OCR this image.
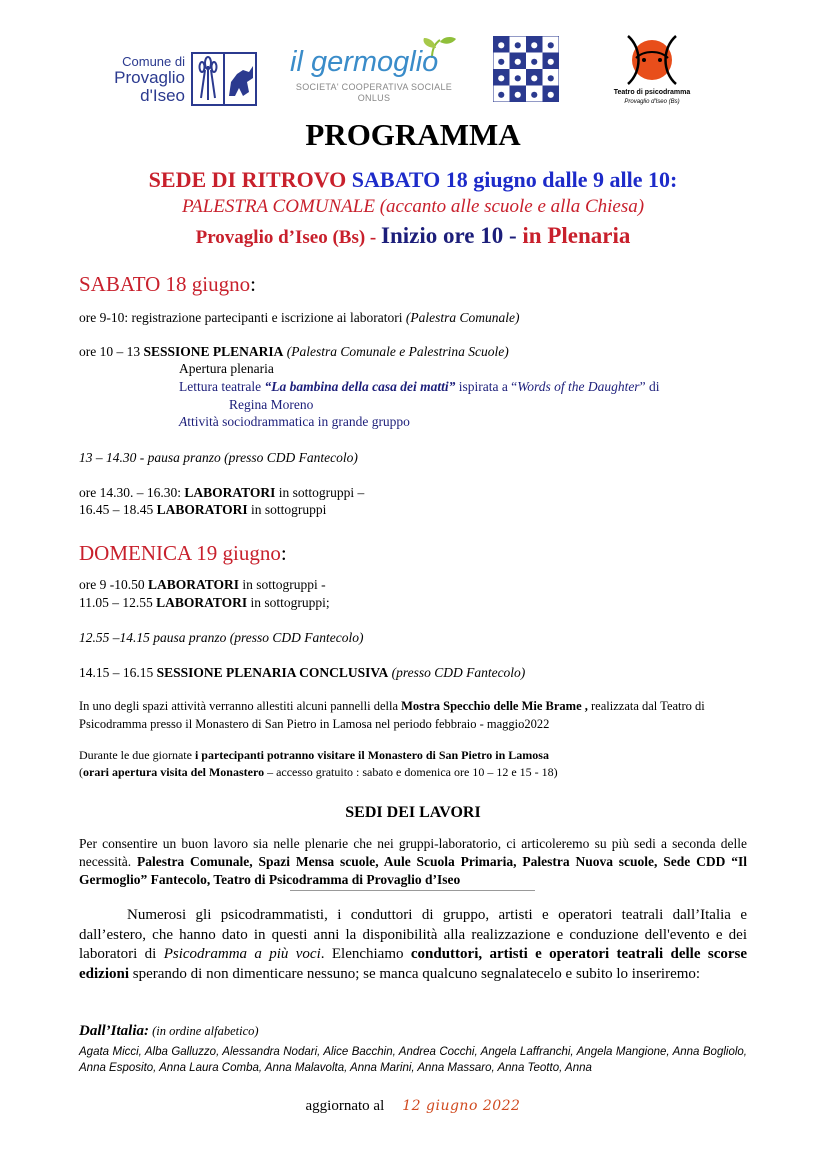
Comune di
Provaglio
d'Iseo
il germoglio
SOCIETA' COOPERATIVA SOCIALE
ONLUS
Teatro di psicodramma
Provaglio d'Iseo (Bs)
PROGRAMMA
SEDE DI RITROVO SABATO 18 giugno dalle 9 alle 10:
PALESTRA COMUNALE (accanto alle scuole e alla Chiesa)
Provaglio d’Iseo (Bs) - Inizio ore 10 - in Plenaria
SABATO 18 giugno:
ore 9-10: registrazione partecipanti e iscrizione ai laboratori (Palestra Comunale)
ore 10 – 13 SESSIONE PLENARIA (Palestra Comunale e Palestrina Scuole)
Apertura plenaria
Lettura teatrale “La bambina della casa dei matti” ispirata a “Words of the Daughter” di
Regina Moreno
Attività sociodrammatica in grande gruppo
13 – 14.30 - pausa pranzo (presso CDD Fantecolo)
ore 14.30. – 16.30: LABORATORI in sottogruppi –
16.45 – 18.45 LABORATORI in sottogruppi
DOMENICA 19 giugno:
ore 9 -10.50 LABORATORI in sottogruppi -
11.05 – 12.55 LABORATORI in sottogruppi;
12.55 –14.15 pausa pranzo (presso CDD Fantecolo)
14.15 – 16.15 SESSIONE PLENARIA CONCLUSIVA (presso CDD Fantecolo)
In uno degli spazi attività verranno allestiti alcuni pannelli della Mostra Specchio delle Mie Brame , realizzata dal Teatro di Psicodramma presso il Monastero di San Pietro in Lamosa nel periodo febbraio - maggio2022
Durante le due giornate i partecipanti potranno visitare il Monastero di San Pietro in Lamosa
(orari apertura visita del Monastero – accesso gratuito : sabato e domenica ore 10 – 12 e 15 - 18)
SEDI DEI LAVORI
Per consentire un buon lavoro sia nelle plenarie che nei gruppi-laboratorio, ci articoleremo su più sedi a seconda delle necessità. Palestra Comunale, Spazi Mensa scuole, Aule Scuola Primaria, Palestra Nuova scuole, Sede CDD “Il Germoglio” Fantecolo, Teatro di Psicodramma di Provaglio d’Iseo
Numerosi gli psicodrammatisti, i conduttori di gruppo, artisti e operatori teatrali dall’Italia e dall’estero, che hanno dato in questi anni la disponibilità alla realizzazione e conduzione dell'evento e dei laboratori di Psicodramma a più voci. Elenchiamo conduttori, artisti e operatori teatrali delle scorse edizioni sperando di non dimenticare nessuno; se manca qualcuno segnalatecelo e subito lo inseriremo:
Dall’Italia: (in ordine alfabetico)
Agata Micci, Alba Galluzzo, Alessandra Nodari, Alice Bacchin, Andrea Cocchi, Angela Laffranchi, Angela Mangione, Anna Bogliolo, Anna Esposito, Anna Laura Comba, Anna Malavolta, Anna Marini, Anna Massaro, Anna Teotto, Anna
aggiornato al 12 giugno 2022
